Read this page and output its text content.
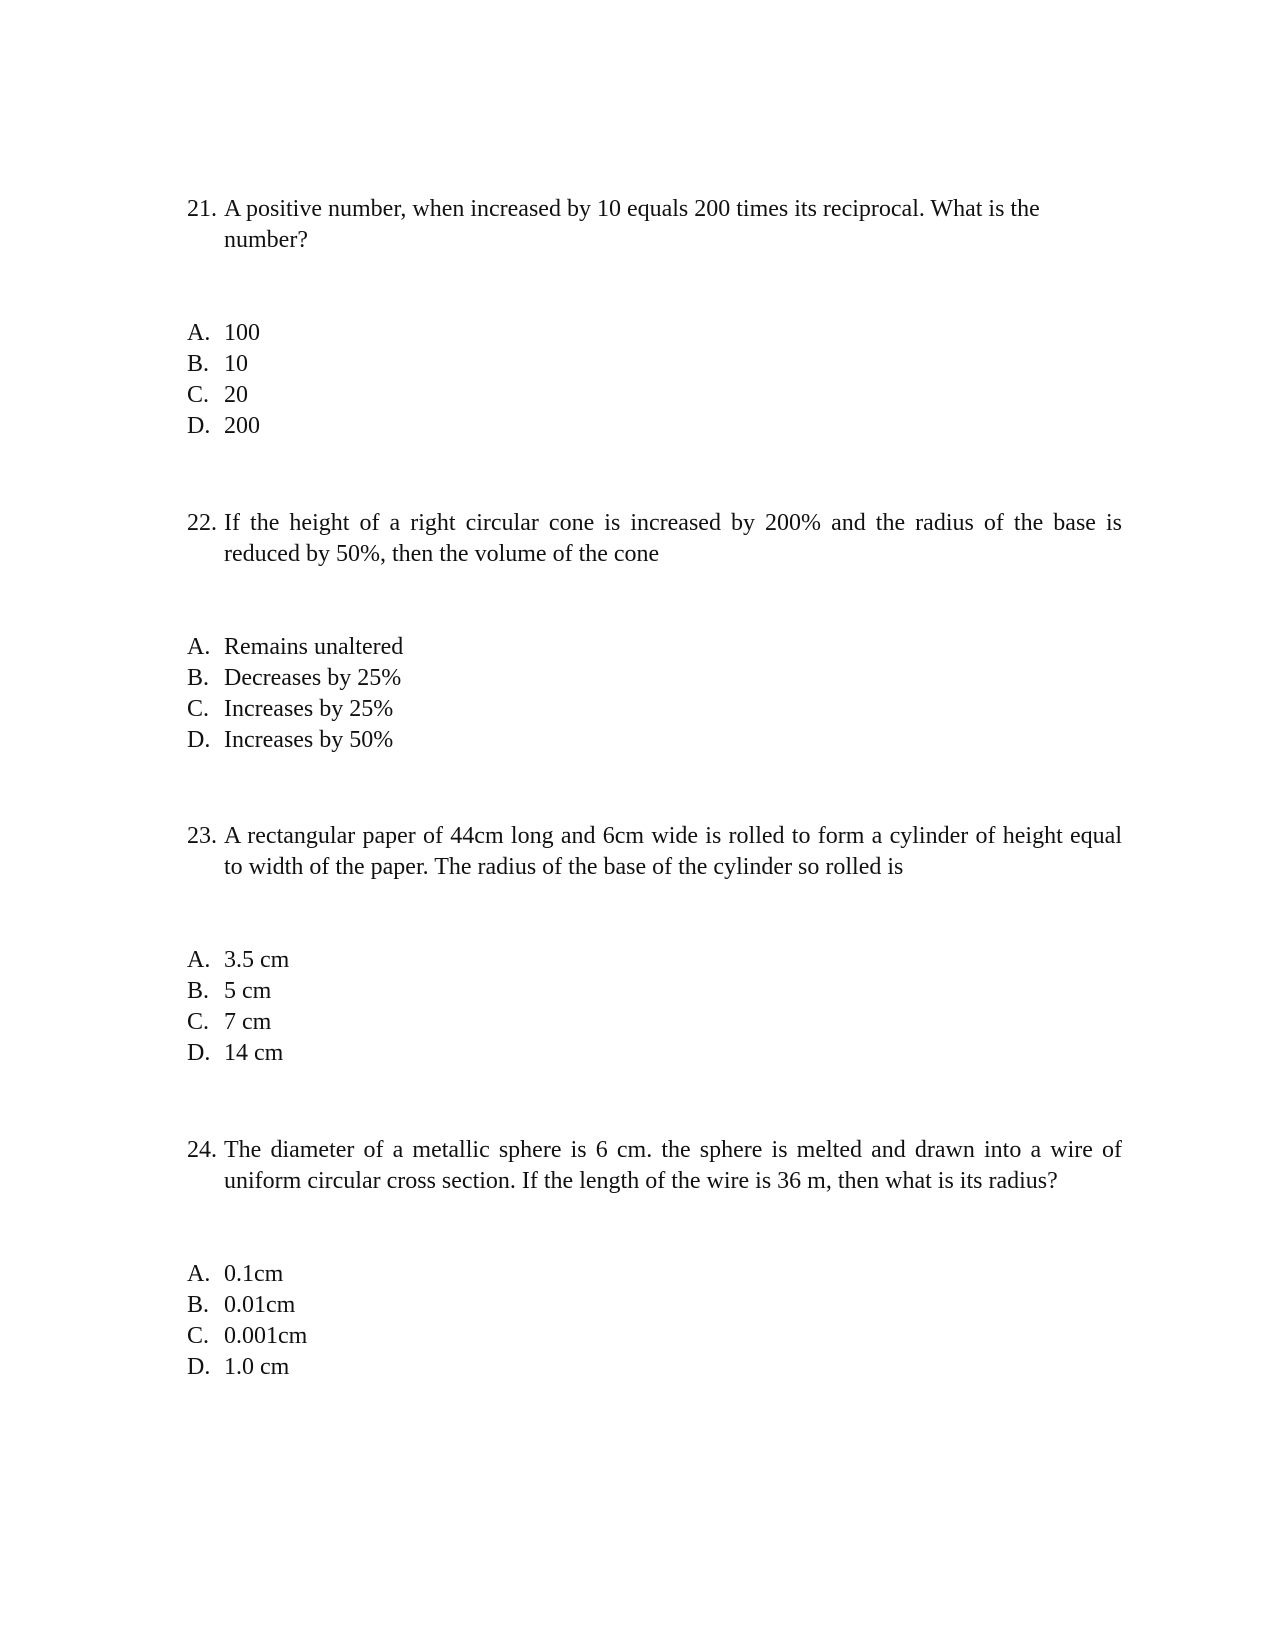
21. A positive number, when increased by 10 equals 200 times its reciprocal. What is the number?
A. 100
B. 10
C. 20
D. 200
22. If the height of a right circular cone is increased by 200% and the radius of the base is reduced by 50%, then the volume of the cone
A. Remains unaltered
B. Decreases by 25%
C. Increases by 25%
D. Increases by 50%
23. A rectangular paper of 44cm long and 6cm wide is rolled to form a cylinder of height equal to width of the paper. The radius of the base of the cylinder so rolled is
A. 3.5 cm
B. 5 cm
C. 7 cm
D. 14 cm
24. The diameter of a metallic sphere is 6 cm. the sphere is melted and drawn into a wire of uniform circular cross section. If the length of the wire is 36 m, then what is its radius?
A. 0.1cm
B. 0.01cm
C. 0.001cm
D. 1.0 cm
